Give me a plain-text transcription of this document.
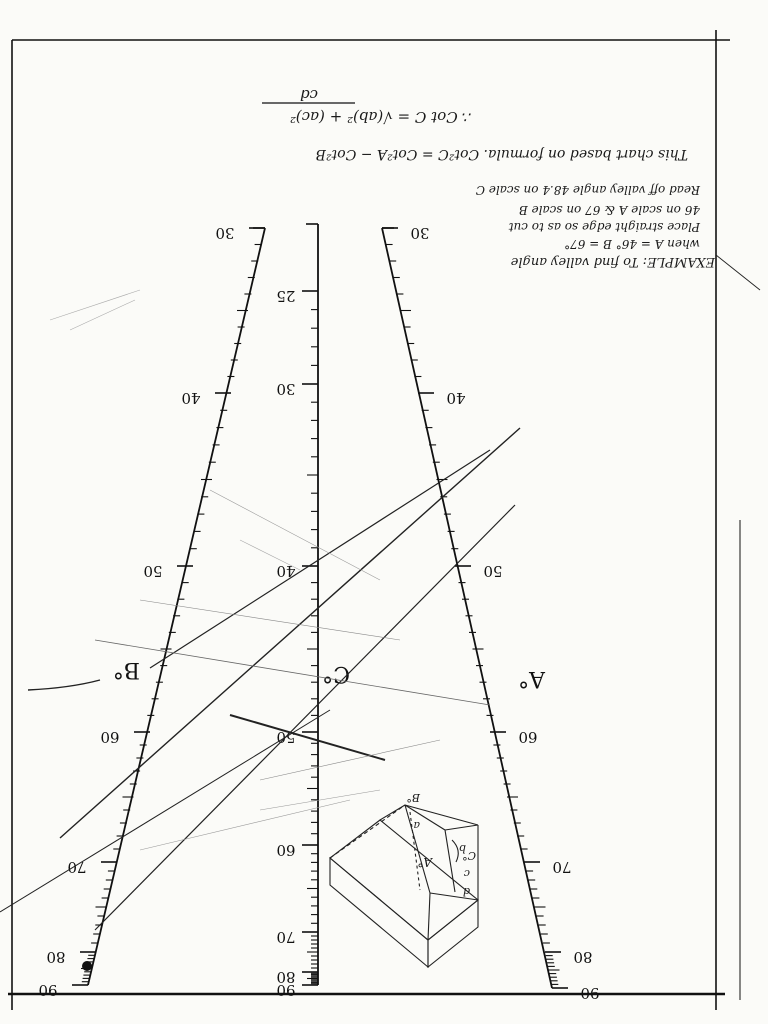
30
40
50
60
70
80
90
30
40
50
60
70
80
90
25
30
40
50
60
70
80
90
A°
B°	C°
A°
B°
C°
a
b
c
d
EXAMPLE: To find valley angle
when A = 46° B = 67°
Place straight edge so as to cut
46 on scale A & 67 on scale B
Read off valley angle 48.4 on scale C
This chart based on formula. Cot²C = Cot²A − Cot²B
∴ Cot C = √(ab)² + (ac)²
cd
